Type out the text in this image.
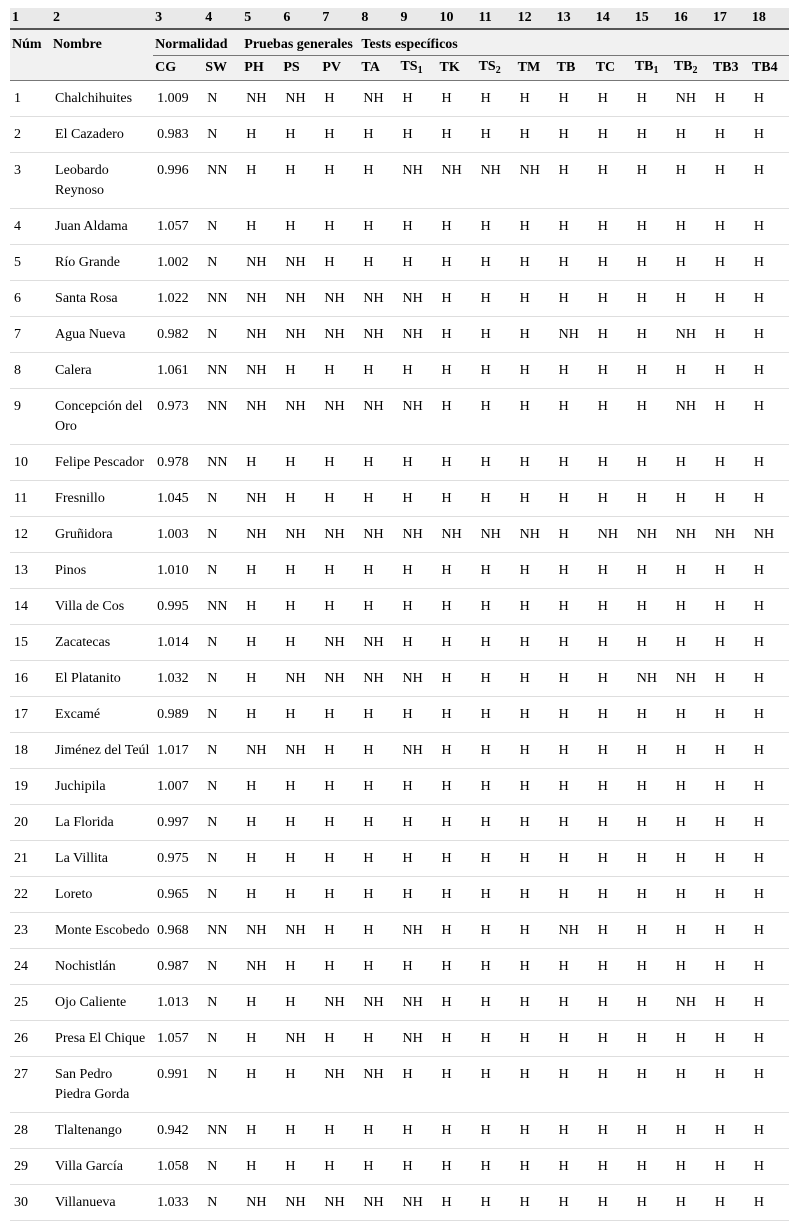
1	2	3	4	5	6	7	8	9	10	11	12	13	14	15	16	17	18
Núm	Nombre	Normalidad		Pruebas generales			Tests específicos										
		CG	SW	PH	PS	PV	TA	$TS_1$	TK	$TS_2$	TM	TB	TC	$TB_1$	$TB_2$	TB3	TB4
1	Chalchihuites	1.009	N	NH	NH	H	NH	H	H	H	H	H	H	H	NH	H	H
2	El Cazadero	0.983	N	H	H	H	H	H	H	H	H	H	H	H	H	H	H
3	Leobardo Reynoso	0.996	NN	H	H	H	H	NH	NH	NH	NH	H	H	H	H	H	H
4	Juan Aldama	1.057	N	H	H	H	H	H	H	H	H	H	H	H	H	H	H
5	Río Grande	1.002	N	NH	NH	H	H	H	H	H	H	H	H	H	H	H	H
6	Santa Rosa	1.022	NN	NH	NH	NH	NH	NH	H	H	H	H	H	H	H	H	H
7	Agua Nueva	0.982	N	NH	NH	NH	NH	NH	H	H	H	NH	H	H	NH	H	H
8	Calera	1.061	NN	NH	H	H	H	H	H	H	H	H	H	H	H	H	H
9	Concepción del Oro	0.973	NN	NH	NH	NH	NH	NH	H	H	H	H	H	H	NH	H	H
10	Felipe Pescador	0.978	NN	H	H	H	H	H	H	H	H	H	H	H	H	H	H
11	Fresnillo	1.045	N	NH	H	H	H	H	H	H	H	H	H	H	H	H	H
12	Gruñidora	1.003	N	NH	NH	NH	NH	NH	NH	NH	NH	H	NH	NH	NH	NH	NH
13	Pinos	1.010	N	H	H	H	H	H	H	H	H	H	H	H	H	H	H
14	Villa de Cos	0.995	NN	H	H	H	H	H	H	H	H	H	H	H	H	H	H
15	Zacatecas	1.014	N	H	H	NH	NH	H	H	H	H	H	H	H	H	H	H
16	El Platanito	1.032	N	H	NH	NH	NH	NH	H	H	H	H	H	NH	NH	H	H
17	Excamé	0.989	N	H	H	H	H	H	H	H	H	H	H	H	H	H	H
18	Jiménez del Teúl	1.017	N	NH	NH	H	H	NH	H	H	H	H	H	H	H	H	H
19	Juchipila	1.007	N	H	H	H	H	H	H	H	H	H	H	H	H	H	H
20	La Florida	0.997	N	H	H	H	H	H	H	H	H	H	H	H	H	H	H
21	La Villita	0.975	N	H	H	H	H	H	H	H	H	H	H	H	H	H	H
22	Loreto	0.965	N	H	H	H	H	H	H	H	H	H	H	H	H	H	H
23	Monte Escobedo	0.968	NN	NH	NH	H	H	NH	H	H	H	NH	H	H	H	H	H
24	Nochistlán	0.987	N	NH	H	H	H	H	H	H	H	H	H	H	H	H	H
25	Ojo Caliente	1.013	N	H	H	NH	NH	NH	H	H	H	H	H	H	NH	H	H
26	Presa El Chique	1.057	N	H	NH	H	H	NH	H	H	H	H	H	H	H	H	H
27	San Pedro Piedra Gorda	0.991	N	H	H	NH	NH	H	H	H	H	H	H	H	H	H	H
28	Tlaltenango	0.942	NN	H	H	H	H	H	H	H	H	H	H	H	H	H	H
29	Villa García	1.058	N	H	H	H	H	H	H	H	H	H	H	H	H	H	H
30	Villanueva	1.033	N	NH	NH	NH	NH	NH	H	H	H	H	H	H	H	H	H
